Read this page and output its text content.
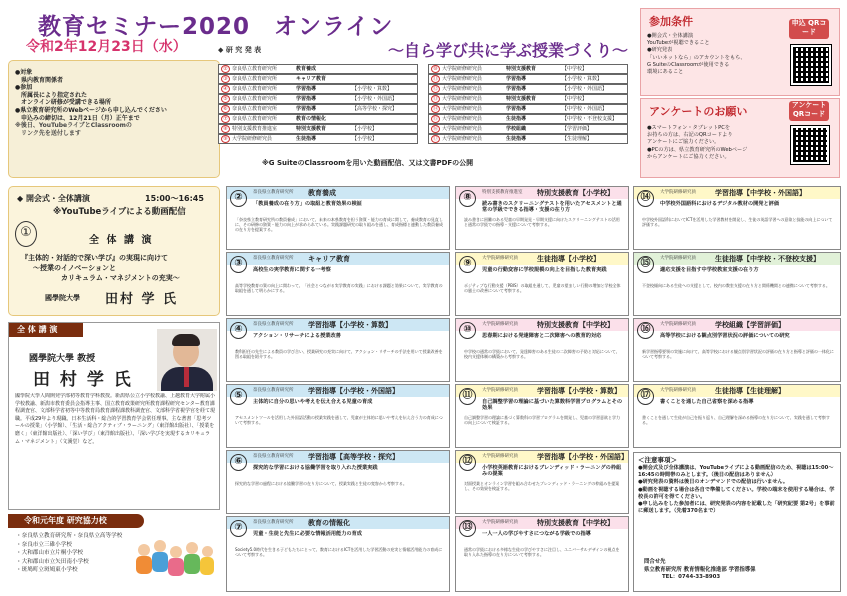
教育セミナー2020　オンライン
令和2年12月23日（水）	～自ら学び共に学ぶ授業づくり～
◆ 研 究 発 表
●対象
県内教育関係者
●参加
所属長により指定された
オンライン研修が受講できる場所
●県立教育研究所のWebページから申し込んでください
申込みの締切は、12月21日（月）正午まで
※後日、YouTubeライブとClassroomの
リンク先を送付します
② 奈良県立教育研究所	教育養成
③ 奈良県立教育研究所	キャリア教育
④ 奈良県立教育研究所	学習指導	【小学校・算数】
⑤ 奈良県立教育研究所	学習指導	【小学校・外国語】
⑥ 奈良県立教育研究所	学習指導	【高等学校・探究】
⑦ 奈良県立教育研究所	教育の情報化
⑧ 特別支援教育推進室	特別支援教育	【小学校】
⑨ 大学院研修研究員	生徒指導	【小学校】
⑩ 大学院研修研究員	特別支援教育	【中学校】
⑪ 大学院研修研究員	学習指導	【小学校・算数】
⑫ 大学院研修研究員	学習指導	【小学校・外国語】
⑬ 大学院研修研究員	特別支援教育	【中学校】
⑭ 大学院研修研究員	学習指導	【中学校・外国語】
⑮ 大学院研修研究員	生徒指導	【中学校・不登校支援】
⑯ 大学院研修研究員	学校組織	【学習評価】
⑰ 大学院研修研究員	生徒指導	【生徒理解】
※G SuiteのClassroomを用いた動画配信、又は文書PDFの公開
参加条件
●開会式・全体講演
YouTubeが視聴できること
●研究発表
「いいネットなら」のアカウントをもち、
G SuiteのClassroomが使用できる
環境にあること
申込 QRコード
アンケートのお願い
●スマートフォン・タブレットPCを
お持ちの方は、右記のQRコードより
アンケートにご協力ください。
●PCの方は、県立教育研究所のWebページ
からアンケートにご協力ください。
アンケート QRコード
◆ 開会式・全体講演	15:00～16:45
※YouTubeライブによる動画配信
①
全 体 講 演
『主体的・対話的で深い学び』の実現に向けて
～授業のイノベーションと
カリキュラム・マネジメントの充実～
國學院大學 田村 学 氏
全 体 講 演
國學院大學 教授
田 村 学 氏
國學院大學人間開発学部初等教育学科教授。新潟県公立小学校教諭、上越教育大学附属小学校教諭、新潟市教育委員会指導主事、国立教育政策研究所教育課程研究センター教育課程調査官、文部科学省初等中等教育局教育課程課教科調査官、文部科学省視学官を経て現職。平成29年より現職。日本生活科・総合的学習教育学会常任理事。主な著書「思考ツールの授業」（小学館）、「生活・総合アクティブ・ラーニング」（東洋館出版社）、「授業を磨く」（東洋館出版社）、「深い学び」（東洋館出版社）、「深い学びを実現するカリキュラム・マネジメント」（文溪堂）など。
令和元年度 研究協力校
・奈良県立教育研究所・奈良県立高等学校
・奈良市立三碓小学校
・大和郡山市立片桐小学校
・大和郡山市立矢田南小学校
・斑鳩町立斑鳩東小学校
②	奈良県立教育研究所 教育養成
「教員養成の在り方」の取組と教育効果の検証
「奈良県立教育研究所の教員養成」において、未来の本県教育を担う資質・能力の育成に関して、養成教育の見直しに、その研修の資質・能力の向上が求められている。実践課題研究の取り組みを通し、育成指標と連動した教員養成の在り方を提案する。
③	奈良県立教育研究所 キャリア教育
高校生の実学教育に関する一考察
高等学校教育の質の向上に関わって、「社会とつながる実学教育の実践」における課題と効果について、実学教育の取組を通して明らかにする。
④	奈良県立教育研究所 学習指導【小学校・算数】
アクション・リサーチによる授業改善
教科担任の先生による教員の学び合い、授業研究の充実に向けて、アクション・リサーチの手法を用いて授業改善を図る取組を紹介する。
⑤	奈良県立教育研究所 学習指導【小学校・外国語】
主体的に自分の思いや考えを伝え合える児童の育成
アセスメントツールを活用した外国語活動の授業実践を通して、児童が主体的に思いや考えを伝え合う力の育成について考察する。
⑥	奈良県立教育研究所 学習指導【高等学校・探究】
探究的な学習における協働学習を取り入れた授業実践
探究的な学習の過程における協働学習の在り方について、授業実践と生徒の変容から考察する。
⑦	奈良県立教育研究所 教育の情報化
児童・生徒と先生に必要な情報活用能力の育成
Society5.0時代を生きる子どもたちにとって、教育におけるICTを活用した学習活動の充実と情報活用能力の育成について考察する。
⑧	特別支援教育推進室 特別支援教育【小学校】
読み書きのスクリーニングテストを用いたアセスメントと通常の学級でできる指導・支援の在り方
読み書きに困難のある児童の早期発見・早期支援に向けたスクリーニングテストの活用と通常の学級での指導・支援について考察する。
⑨	大学院研修研究員	生徒指導【小学校】
児童の行動変容に学校規模の向上を目指した教育実践
ポジティブな行動支援（PBIS）の取組を通して、児童の望ましい行動の増加と学校全体の風土の改善について考察する。
⑩	大学院研修研究員	特別支援教育【中学校】
思春期における発達障害と二次障害への教育的対応
中学校の通常の学級において、発達障害のある生徒の二次障害の予防と対応について、校内支援体制の構築から考察する。
⑪	大学院研修研究員	学習指導【小学校・算数】
自己調整学習の理論に基づいた算数科学習プログラムとその効果
自己調整学習の理論に基づく算数科の学習プログラムを開発し、児童の学習意欲と学力の向上について検証する。
⑫	大学院研修研究員	学習指導【小学校・外国語】
小学校英語教育におけるブレンディッド・ラーニングの枠組みの提案
対面授業とオンライン学習を組み合わせたブレンディッド・ラーニングの枠組みを提案し、その効果を検証する。
⑬	大学院研修研究員	特別支援教育【中学校】
一人一人の学びやすさにつながる学級での指導
通常の学級における多様な生徒の学びやすさに注目し、ユニバーサルデザインの視点を取り入れた指導の在り方について考察する。
⑭	大学院研修研究員	学習指導【中学校・外国語】
中学校外国語科におけるデジタル教材の開発と評価
中学校外国語科においてICTを活用した学習教材を開発し、生徒の英語学習への意欲と技能の向上について評価する。
⑮	大学院研修研究員	生徒指導【中学校・不登校支援】
適応支援を目指す中学校教室支援の在り方
不登校傾向にある生徒への支援として、校内の教室支援の在り方と関係機関との連携について考察する。
⑯	大学院研修研究員	学校組織【学習評価】
高等学校における観点別学習状況の評価についての研究
新学習指導要領の実施に向けて、高等学校における観点別学習状況の評価の在り方と指導と評価の一体化について考察する。
⑰	大学院研修研究員	生徒指導【生徒理解】
書くことを通した自己省察を深める指導
書くことを通して生徒が自己を振り返り、自己理解を深める指導の在り方について、実践を通して考察する。
＜注意事項＞
●開会式及び全体講演は、YouTubeライブによる動画配信のため、視聴は15:00～16:45の時間帯のみとします。（後日の配信はありません）
●研究発表の資料は後日のオンデマンドでの配信は行いません。
●動画を視聴する場合は各自で準備してください。学校の端末を使用する場合は、学校長の許可を得てください。
●申し込みをした参加者には、研究発表の内容を記載した「研究紀要 第2号」を事前に郵送します。（先着370名まで）
問合せ先
県立教育研究所 教育情報化推進部 学習指導係
TEL：0744-33-8903
